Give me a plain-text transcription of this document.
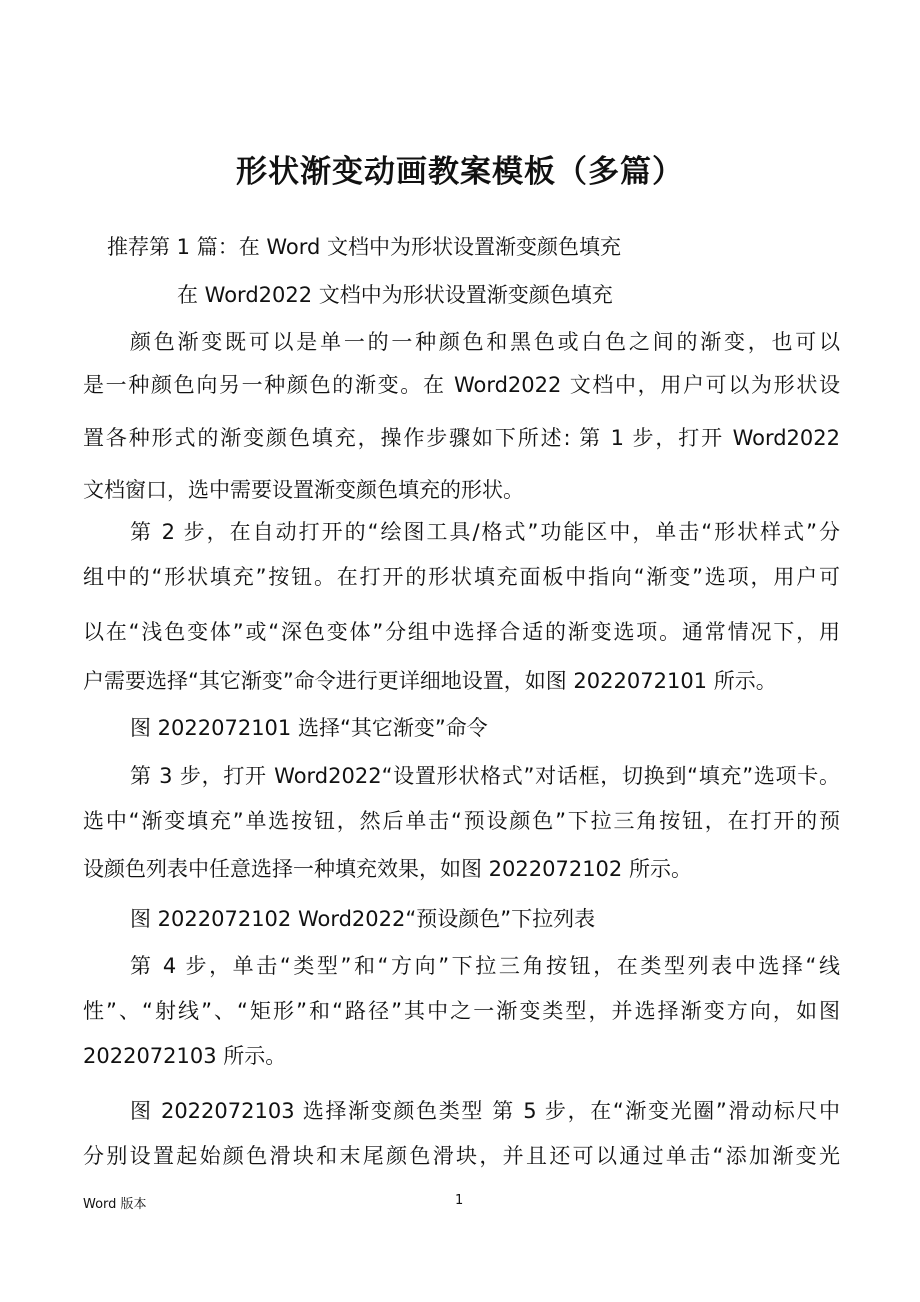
形状渐变动画教案模板（多篇）
推荐第 1 篇：在 Word 文档中为形状设置渐变颜色填充
在 Word2022 文档中为形状设置渐变颜色填充
颜色渐变既可以是单一的一种颜色和黑色或白色之间的渐变，也可以
是一种颜色向另一种颜色的渐变。在 Word2022 文档中，用户可以为形状设
置各种形式的渐变颜色填充，操作步骤如下所述: 第 1 步，打开 Word2022
文档窗口，选中需要设置渐变颜色填充的形状。
第 2 步，在自动打开的“绘图工具/格式”功能区中，单击“形状样式”分
组中的“形状填充”按钮。在打开的形状填充面板中指向“渐变”选项，用户可
以在“浅色变体”或“深色变体”分组中选择合适的渐变选项。通常情况下，用
户需要选择“其它渐变”命令进行更详细地设置，如图 2022072101 所示。
图 2022072101 选择“其它渐变”命令
第 3 步，打开 Word2022“设置形状格式”对话框，切换到“填充”选项卡。
选中“渐变填充”单选按钮，然后单击“预设颜色”下拉三角按钮，在打开的预
设颜色列表中任意选择一种填充效果，如图 2022072102 所示。
图 2022072102 Word2022“预设颜色”下拉列表
第 4 步，单击“类型”和“方向”下拉三角按钮，在类型列表中选择“线
性”、“射线”、“矩形”和“路径”其中之一渐变类型，并选择渐变方向，如图
2022072103 所示。
图 2022072103 选择渐变颜色类型 第 5 步，在“渐变光圈”滑动标尺中
分别设置起始颜色滑块和末尾颜色滑块，并且还可以通过单击“添加渐变光
Word 版本	1
